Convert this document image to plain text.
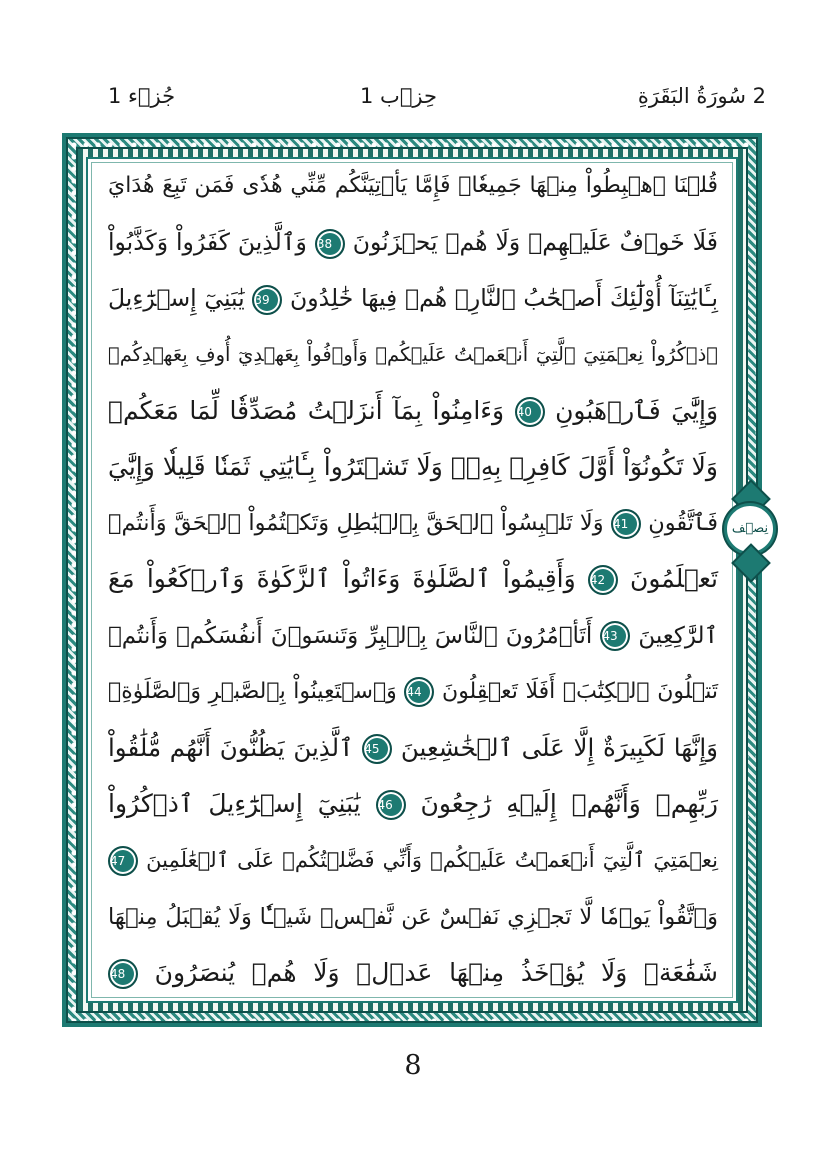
2 سُورَةُ البَقَرَةِ
حِزۡب 1
جُزۡء 1
قُلۡنَا ٱهۡبِطُواْ مِنۡهَا جَمِيعٗاۖ فَإِمَّا يَأۡتِيَنَّكُم مِّنِّي هُدٗى فَمَن تَبِعَ هُدَايَ
فَلَا خَوۡفٌ عَلَيۡهِمۡ وَلَا هُمۡ يَحۡزَنُونَ 38 وَٱلَّذِينَ كَفَرُواْ وَكَذَّبُواْ
بِـَٔايَٰتِنَآ أُوْلَٰٓئِكَ أَصۡحَٰبُ ٱلنَّارِۖ هُمۡ فِيهَا خَٰلِدُونَ 39 يَٰبَنِيٓ إِسۡرَٰٓءِيلَ
ٱذۡكُرُواْ نِعۡمَتِيَ ٱلَّتِيٓ أَنۡعَمۡتُ عَلَيۡكُمۡ وَأَوۡفُواْ بِعَهۡدِيٓ أُوفِ بِعَهۡدِكُمۡ
وَإِيَّٰيَ فَٱرۡهَبُونِ 40 وَءَامِنُواْ بِمَآ أَنزَلۡتُ مُصَدِّقٗا لِّمَا مَعَكُمۡ
وَلَا تَكُونُوٓاْ أَوَّلَ كَافِرِۢ بِهِۦۖ وَلَا تَشۡتَرُواْ بِـَٔايَٰتِي ثَمَنٗا قَلِيلٗا وَإِيَّٰيَ
فَٱتَّقُونِ 41 وَلَا تَلۡبِسُواْ ٱلۡحَقَّ بِٱلۡبَٰطِلِ وَتَكۡتُمُواْ ٱلۡحَقَّ وَأَنتُمۡ
تَعۡلَمُونَ 42 وَأَقِيمُواْ ٱلصَّلَوٰةَ وَءَاتُواْ ٱلزَّكَوٰةَ وَٱرۡكَعُواْ مَعَ
ٱلرَّٰكِعِينَ 43 أَتَأۡمُرُونَ ٱلنَّاسَ بِٱلۡبِرِّ وَتَنسَوۡنَ أَنفُسَكُمۡ وَأَنتُمۡ
تَتۡلُونَ ٱلۡكِتَٰبَۚ أَفَلَا تَعۡقِلُونَ 44 وَٱسۡتَعِينُواْ بِٱلصَّبۡرِ وَٱلصَّلَوٰةِۚ
وَإِنَّهَا لَكَبِيرَةٌ إِلَّا عَلَى ٱلۡخَٰشِعِينَ 45 ٱلَّذِينَ يَظُنُّونَ أَنَّهُم مُّلَٰقُواْ
رَبِّهِمۡ وَأَنَّهُمۡ إِلَيۡهِ رَٰجِعُونَ 46 يَٰبَنِيٓ إِسۡرَٰٓءِيلَ ٱذۡكُرُواْ
نِعۡمَتِيَ ٱلَّتِيٓ أَنۡعَمۡتُ عَلَيۡكُمۡ وَأَنِّي فَضَّلۡتُكُمۡ عَلَى ٱلۡعَٰلَمِينَ 47
وَٱتَّقُواْ يَوۡمٗا لَّا تَجۡزِي نَفۡسٌ عَن نَّفۡسٖ شَيۡـٔٗا وَلَا يُقۡبَلُ مِنۡهَا
شَفَٰعَةٞ وَلَا يُؤۡخَذُ مِنۡهَا عَدۡلٞ وَلَا هُمۡ يُنصَرُونَ 48
نِصۡف
8
